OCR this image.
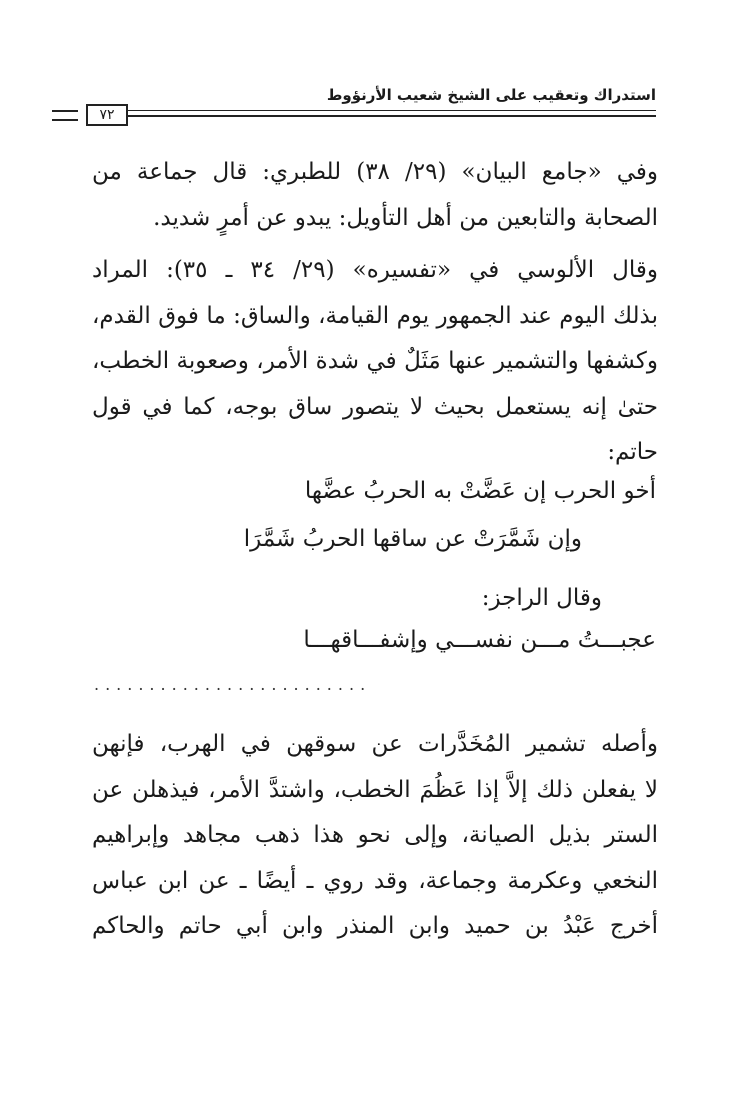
استدراك وتعقيب على الشيخ شعيب الأرنؤوط
٧٢
وفي «جامع البيان» (٢٩/ ٣٨) للطبري: قال جماعة من
الصحابة والتابعين من أهل التأويل: يبدو عن أمرٍ شديد.
وقال الألوسي في «تفسيره» (٢٩/ ٣٤ ـ ٣٥): المراد
بذلك اليوم عند الجمهور يوم القيامة، والساق: ما فوق القدم،
وكشفها والتشمير عنها مَثَلٌ في شدة الأمر، وصعوبة الخطب،
حتىٰ إنه يستعمل بحيث لا يتصور ساق بوجه، كما في قول
حاتم:
أخو الحرب إن عَضَّتْ به الحربُ عضَّها
وإن شَمَّرَتْ عن ساقها الحربُ شَمَّرَا
وقال الراجز:
عجبـــتُ مـــن نفســـي وإشفـــاقهـــا
.........................
وأصله تشمير المُخَدَّرات عن سوقهن في الهرب، فإنهن
لا يفعلن ذلك إلاَّ إذا عَظُمَ الخطب، واشتدَّ الأمر، فيذهلن عن
الستر بذيل الصيانة، وإلى نحو هذا ذهب مجاهد وإبراهيم
النخعي وعكرمة وجماعة، وقد روي ـ أيضًا ـ عن ابن عباس
أخرج عَبْدُ بن حميد وابن المنذر وابن أبي حاتم والحاكم
